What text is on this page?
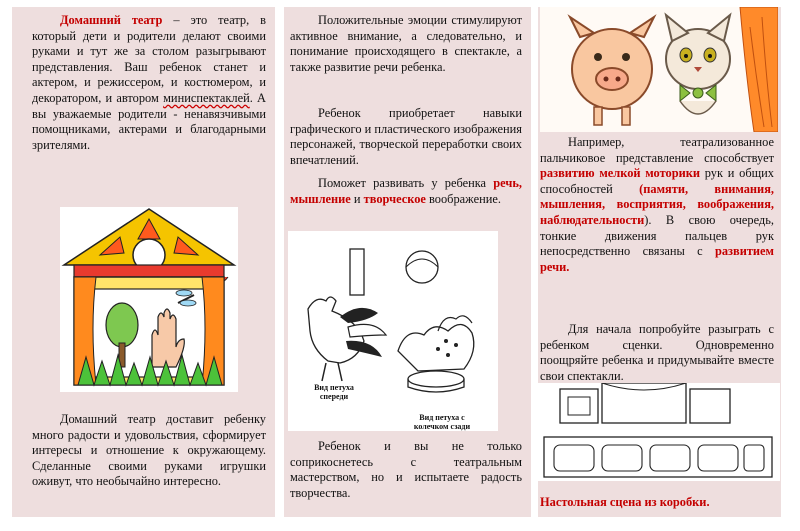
Домашний театр – это театр, в который дети и родители делают своими руками и тут же за столом разыгрывают представления. Ваш ребенок станет и актером, и режиссером, и костюмером, и декоратором, и автором миниспектаклей. А вы уважаемые родители - ненавязчивыми помощниками, актерами и благодарными зрителями.

Домашний театр доставит ребенку много радости и удовольствия, сформирует интересы и отношение к окружающему. Сделанные своими руками игрушки оживут, что необычайно интересно.

Положительные эмоции стимулируют активное внимание, а следовательно, и понимание происходящего в спектакле, а также развитие речи ребенка.

Ребенок приобретает навыки графического и пластического изображения персонажей, творческой переработки своих впечатлений.

Поможет развивать у ребенка речь, мышление и творческое воображение.

Вид петуха спереди
Вид петуха с колечком сзади

Ребенок и вы не только соприкоснетесь с театральным мастерством, но и испытаете радость творчества.

Например, театрализованное пальчиковое представление способствует развитию мелкой моторики рук и общих способностей (памяти, внимания, мышления, восприятия, воображения, наблюдательности). В свою очередь, тонкие движения пальцев рук непосредственно связаны с развитием речи.

Для начала попробуйте разыграть с ребенком сценки. Одновременно поощряйте ребенка и придумывайте вместе свои спектакли.

Настольная сцена из коробки.
